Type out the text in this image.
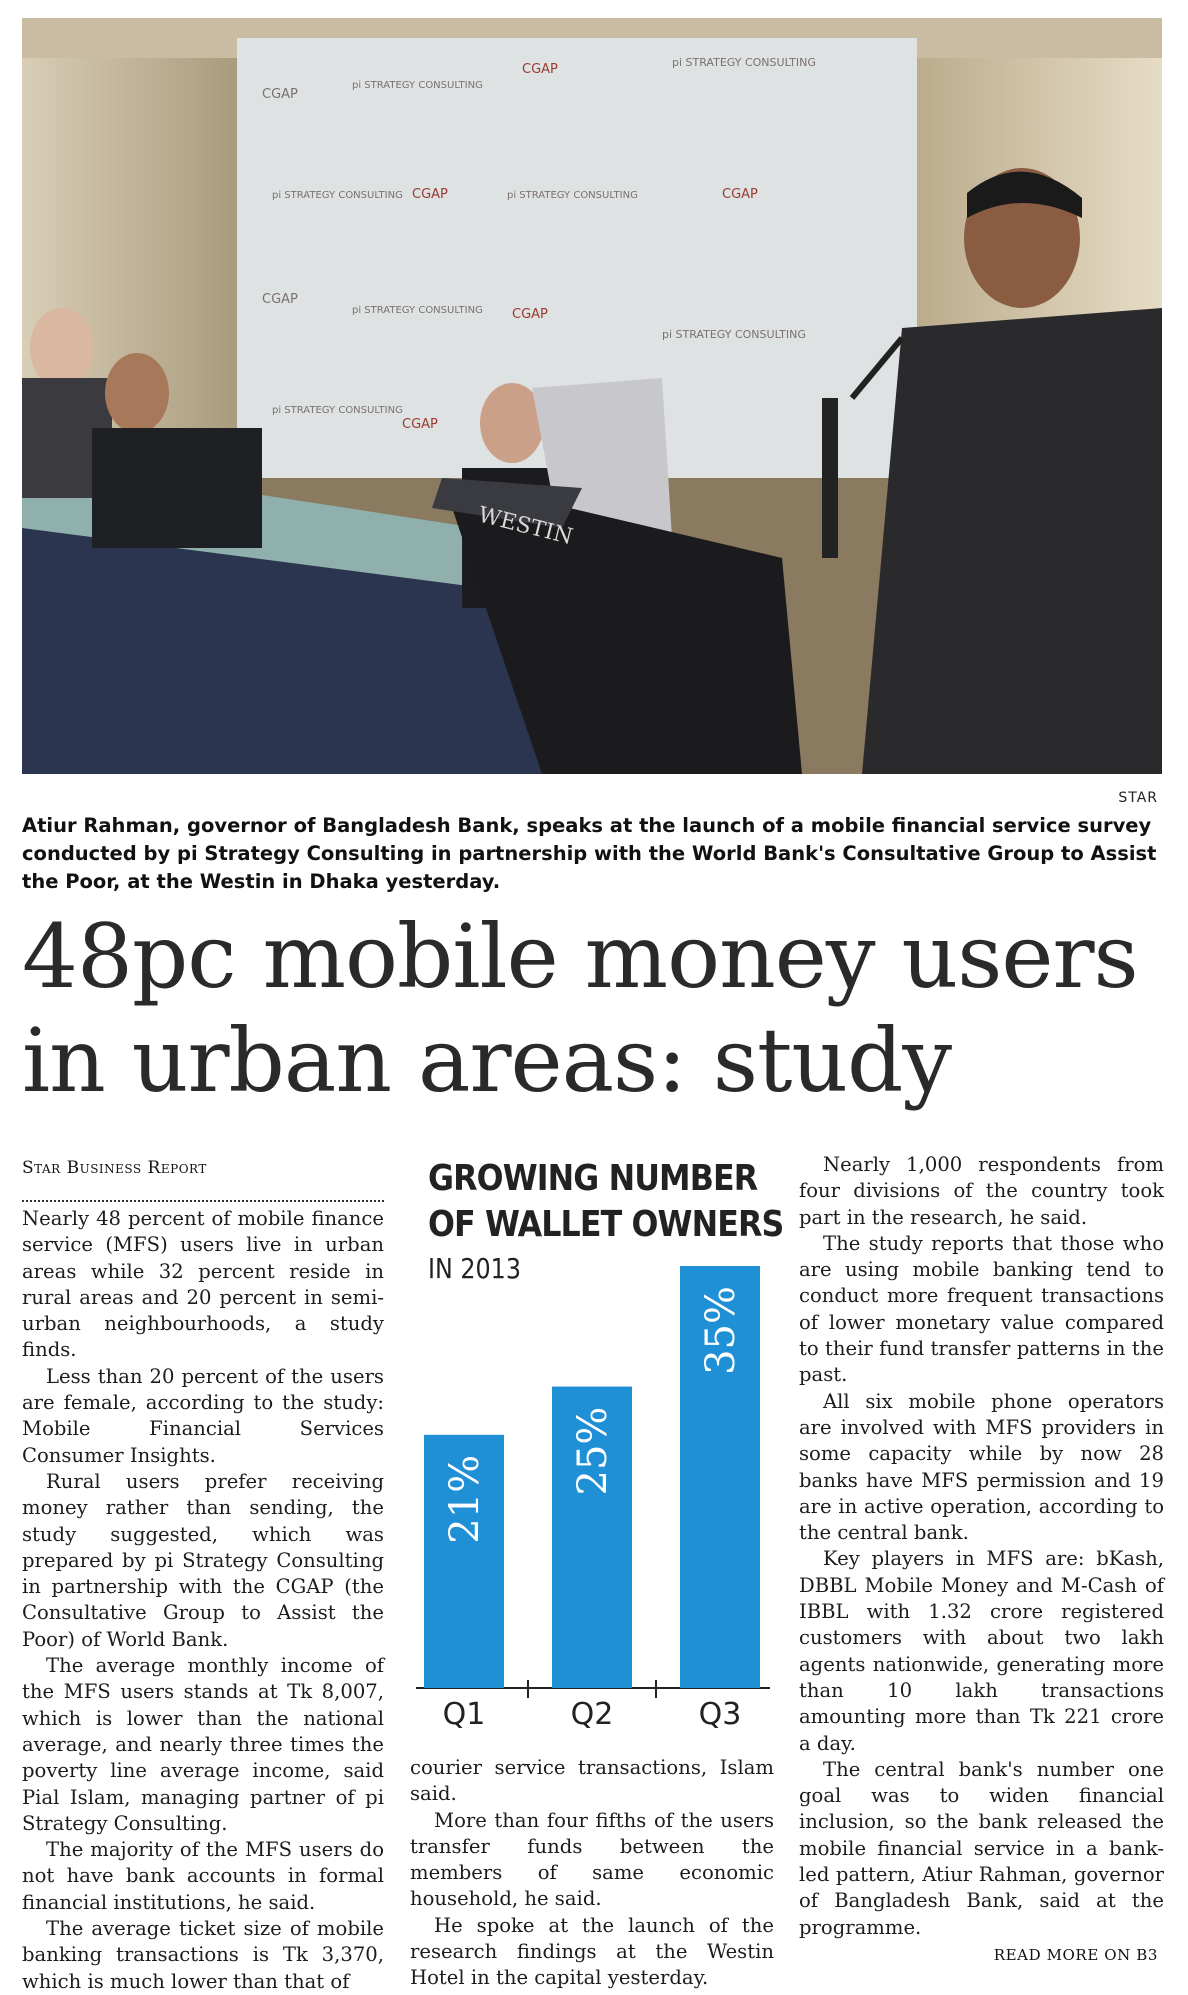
CGAP
pi STRATEGY CONSULTING
CGAP	pi STRATEGY CONSULTING
pi STRATEGY CONSULTING CGAP	pi STRATEGY CONSULTING	CGAP
CGAP
pi STRATEGY CONSULTING CGAP
pi STRATEGY CONSULTING
pi STRATEGY CONSULTING
CGAP
WESTIN
STAR
Atiur Rahman, governor of Bangladesh Bank, speaks at the launch of a mobile financial service survey conducted by pi Strategy Consulting in partnership with the World Bank's Consultative Group to Assist the Poor, at the Westin in Dhaka yesterday.
48pc mobile money users
in urban areas: study
Star Business Report

Nearly 48 percent of mobile finance service (MFS) users live in urban areas while 32 percent reside in rural areas and 20 percent in semi-urban neighbourhoods, a study finds.

Less than 20 percent of the users are female, according to the study: Mobile Financial Services Consumer Insights.

Rural users prefer receiving money rather than sending, the study suggested, which was prepared by pi Strategy Consulting in partnership with the CGAP (the Consultative Group to Assist the Poor) of World Bank.

The average monthly income of the MFS users stands at Tk 8,007, which is lower than the national average, and nearly three times the poverty line average income, said Pial Islam, managing partner of pi Strategy Consulting.

The majority of the MFS users do not have bank accounts in formal financial institutions, he said.

The average ticket size of mobile banking transactions is Tk 3,370, which is much lower than that of

GROWING NUMBER
OF WALLET OWNERS
IN 2013
21%
Q1
25%
Q2
35%
Q3

courier service transactions, Islam said.

More than four fifths of the users transfer funds between the members of same economic household, he said.

He spoke at the launch of the research findings at the Westin Hotel in the capital yesterday.

Nearly 1,000 respondents from four divisions of the country took part in the research, he said.

The study reports that those who are using mobile banking tend to conduct more frequent transactions of lower monetary value compared to their fund transfer patterns in the past.

All six mobile phone operators are involved with MFS providers in some capacity while by now 28 banks have MFS permission and 19 are in active operation, according to the central bank.

Key players in MFS are: bKash, DBBL Mobile Money and M-Cash of IBBL with 1.32 crore registered customers with about two lakh agents nationwide, generating more than 10 lakh transactions amounting more than Tk 221 crore a day.

The central bank's number one goal was to widen financial inclusion, so the bank released the mobile financial service in a bank-led pattern, Atiur Rahman, governor of Bangladesh Bank, said at the programme.

READ MORE ON B3
